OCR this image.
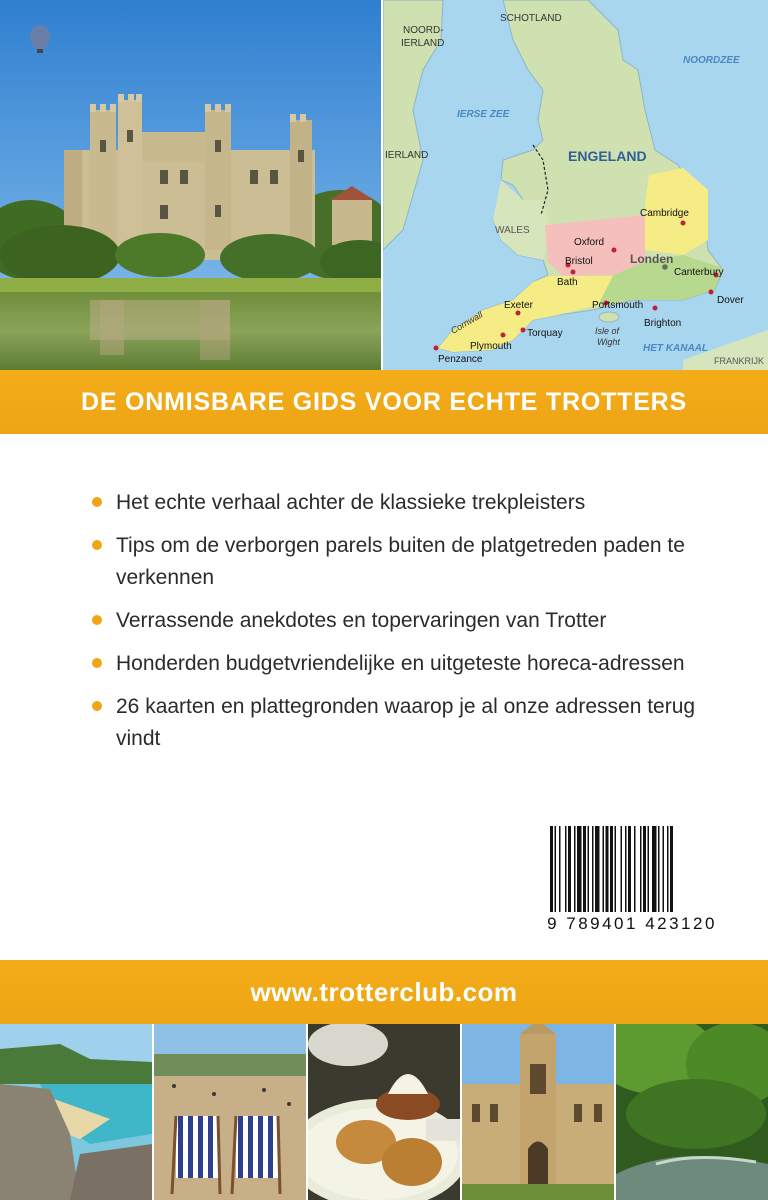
SCHOTLAND
NOORD-
IERLAND
NOORDZEE
IERSE ZEE
IERLAND	ENGELAND
WALES
HET KANAAL
FRANKRIJK
Cornwall	Isle of
Wight
Cambridge
Oxford
Bristol
Bath
Londen
Canterbury
Dover
Exeter	Portsmouth
Torquay
Plymouth
Brighton
Penzance
DE ONMISBARE GIDS VOOR ECHTE TROTTERS
Het echte verhaal achter de klassieke trekpleisters
Tips om de verborgen parels buiten de platgetreden paden te verkennen
Verrassende anekdotes en topervaringen van Trotter
Honderden budgetvriendelijke en uitgeteste horeca-adressen
26 kaarten en plattegronden waarop je al onze adressen terug vindt
9 789401 423120
www.trotterclub.com
